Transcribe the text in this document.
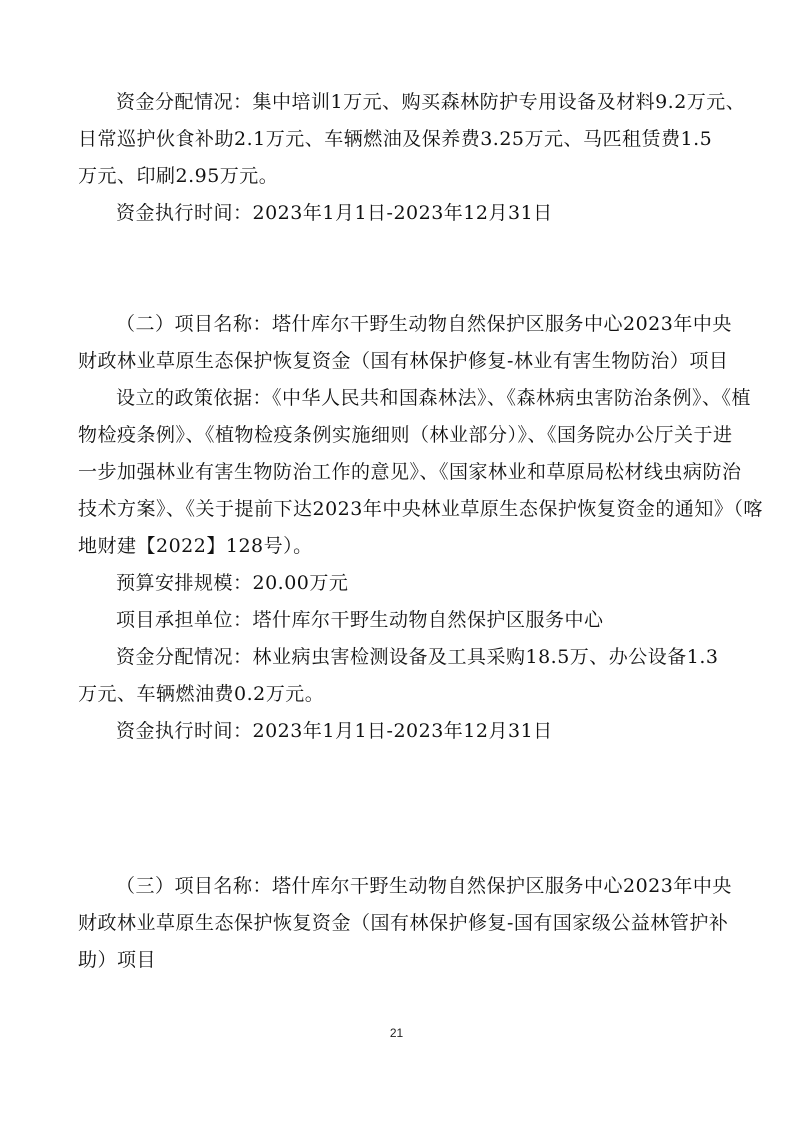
资金分配情况：集中培训1万元、购买森林防护专用设备及材料9.2万元、
日常巡护伙食补助2.1万元、车辆燃油及保养费3.25万元、马匹租赁费1.5
万元、印刷2.95万元。
资金执行时间：2023年1月1日-2023年12月31日
（二）项目名称：塔什库尔干野生动物自然保护区服务中心2023年中央
财政林业草原生态保护恢复资金（国有林保护修复-林业有害生物防治）项目
设立的政策依据：《中华人民共和国森林法》、《森林病虫害防治条例》、《植
物检疫条例》、《植物检疫条例实施细则（林业部分）》、《国务院办公厅关于进
一步加强林业有害生物防治工作的意见》、《国家林业和草原局松材线虫病防治
技术方案》、《关于提前下达2023年中央林业草原生态保护恢复资金的通知》（喀
地财建【2022】128号）。
预算安排规模：20.00万元
项目承担单位：塔什库尔干野生动物自然保护区服务中心
资金分配情况：林业病虫害检测设备及工具采购18.5万、办公设备1.3
万元、车辆燃油费0.2万元。
资金执行时间：2023年1月1日-2023年12月31日
（三）项目名称：塔什库尔干野生动物自然保护区服务中心2023年中央
财政林业草原生态保护恢复资金（国有林保护修复-国有国家级公益林管护补
助）项目
21
